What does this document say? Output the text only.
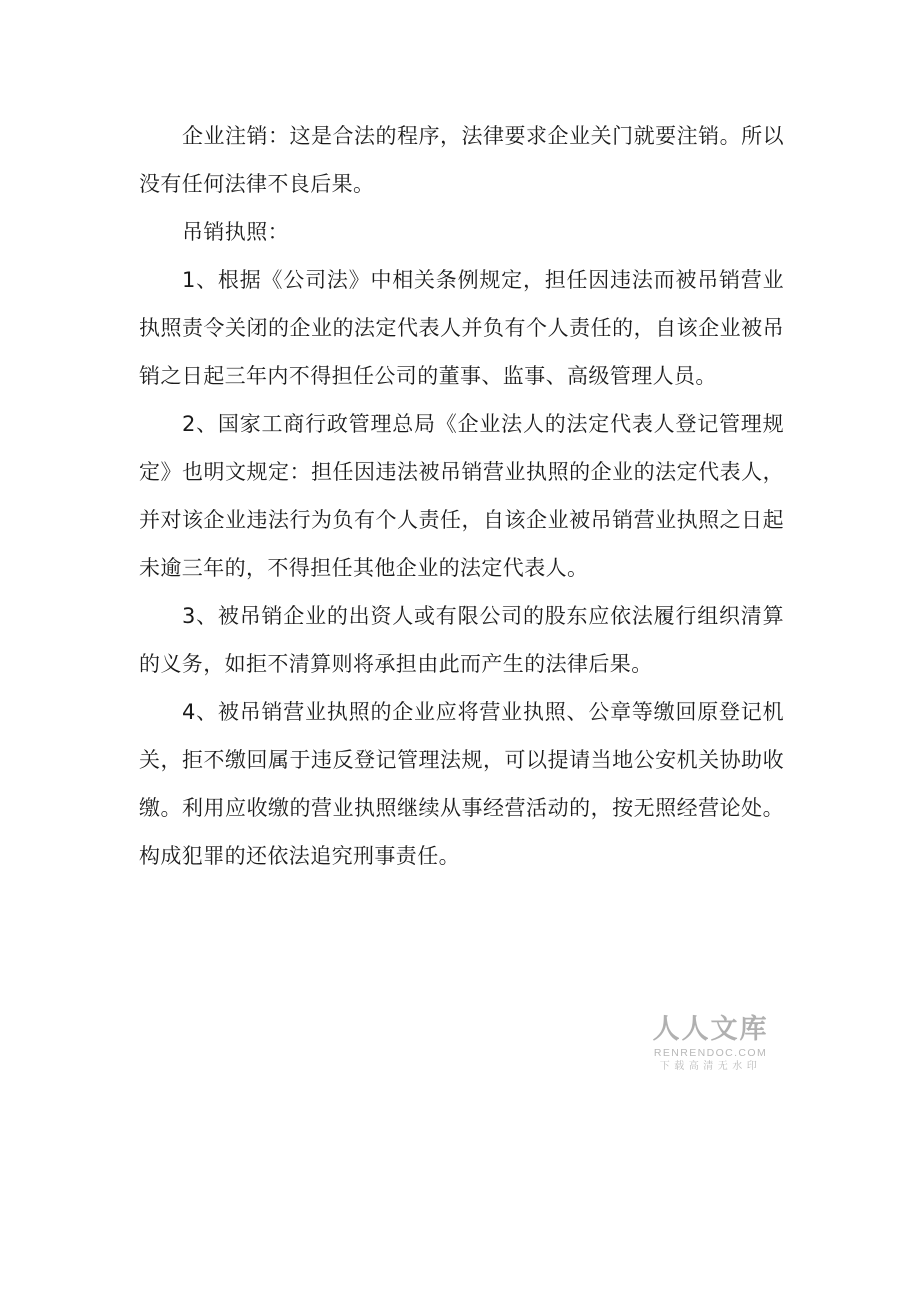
企业注销：这是合法的程序，法律要求企业关门就要注销。所以没有任何法律不良后果。

吊销执照：

1、根据《公司法》中相关条例规定，担任因违法而被吊销营业执照责令关闭的企业的法定代表人并负有个人责任的，自该企业被吊销之日起三年内不得担任公司的董事、监事、高级管理人员。

2、国家工商行政管理总局《企业法人的法定代表人登记管理规定》也明文规定：担任因违法被吊销营业执照的企业的法定代表人，并对该企业违法行为负有个人责任，自该企业被吊销营业执照之日起未逾三年的，不得担任其他企业的法定代表人。

3、被吊销企业的出资人或有限公司的股东应依法履行组织清算的义务，如拒不清算则将承担由此而产生的法律后果。

4、被吊销营业执照的企业应将营业执照、公章等缴回原登记机关，拒不缴回属于违反登记管理法规，可以提请当地公安机关协助收缴。利用应收缴的营业执照继续从事经营活动的，按无照经营论处。构成犯罪的还依法追究刑事责任。

人人文库
RENRENDOC.COM
下载高清无水印
